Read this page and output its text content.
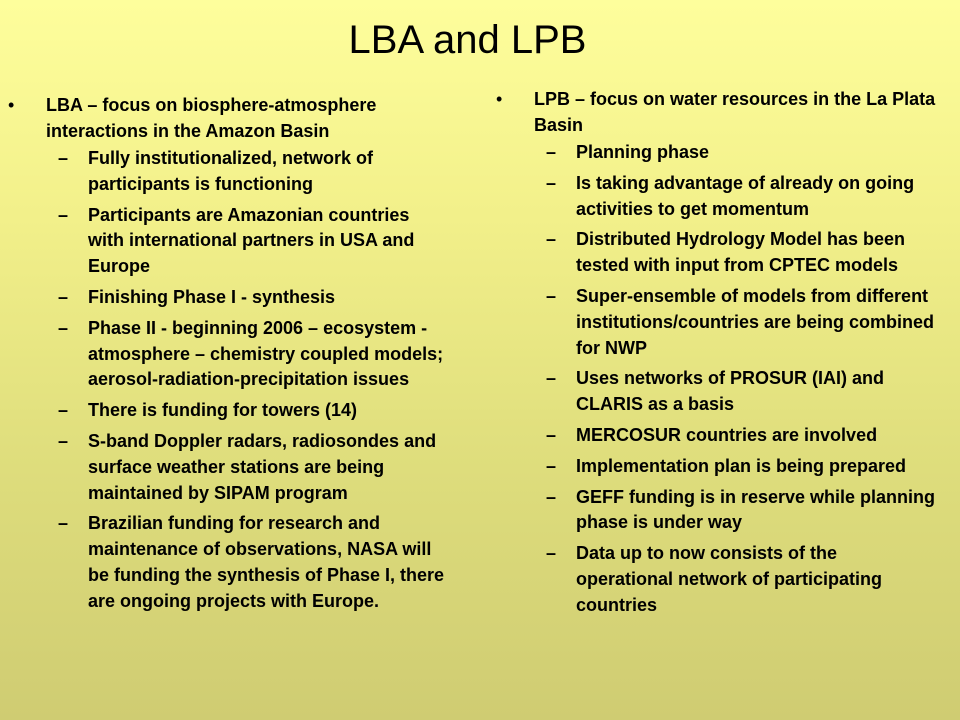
LBA and LPB
• LBA – focus on biosphere-atmosphere interactions in the Amazon Basin
– Fully institutionalized, network of participants is functioning
– Participants are Amazonian countries with international partners in USA and Europe
– Finishing Phase I - synthesis
– Phase II - beginning 2006 – ecosystem - atmosphere – chemistry coupled models; aerosol-radiation-precipitation issues
– There is funding for towers (14)
– S-band Doppler radars, radiosondes and surface weather stations are being maintained by SIPAM program
– Brazilian funding for research and maintenance of observations, NASA will be funding the synthesis of Phase I, there are ongoing projects with Europe.
• LPB – focus on water resources in the La Plata Basin
– Planning phase
– Is taking advantage of already on going activities to get momentum
– Distributed Hydrology Model has been tested with input from CPTEC models
– Super-ensemble of models from different institutions/countries are being combined for NWP
– Uses networks of PROSUR (IAI) and CLARIS as a basis
– MERCOSUR countries are involved
– Implementation plan is being prepared
– GEFF funding is in reserve while planning phase is under way
– Data up to now consists of the operational network of participating countries
